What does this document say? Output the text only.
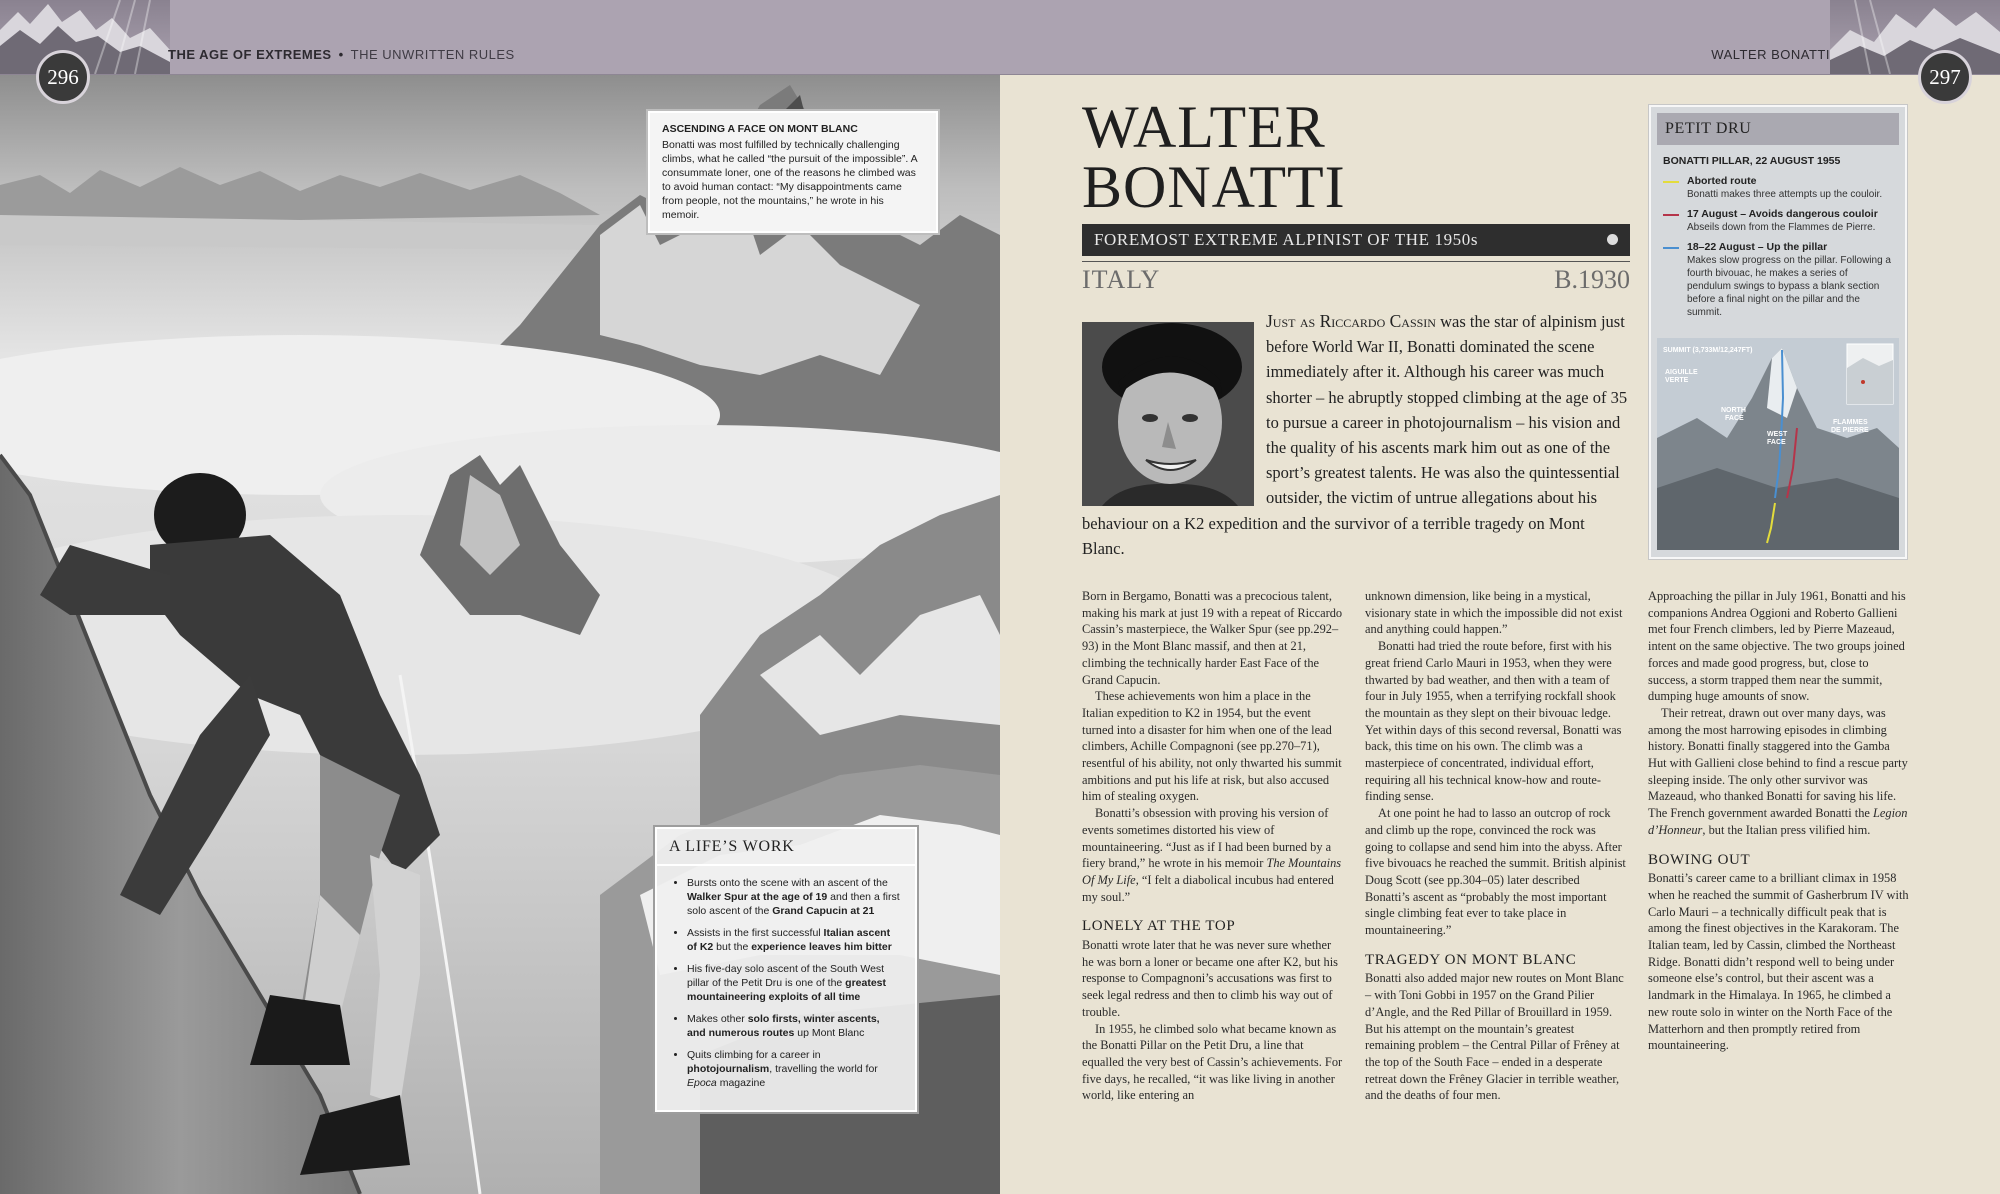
THE AGE OF EXTREMES • THE UNWRITTEN RULES	WALTER BONATTI
296	297
ASCENDING A FACE ON MONT BLANC
Bonatti was most fulfilled by technically challenging climbs, what he called “the pursuit of the impossible”. A consummate loner, one of the reasons he climbed was to avoid human contact: “My disappointments came from people, not the mountains,” he wrote in his memoir.
A LIFE’S WORK
• Bursts onto the scene with an ascent of the Walker Spur at the age of 19 and then a first solo ascent of the Grand Capucin at 21
• Assists in the first successful Italian ascent of K2 but the experience leaves him bitter
• His five-day solo ascent of the South West pillar of the Petit Dru is one of the greatest mountaineering exploits of all time
• Makes other solo firsts, winter ascents, and numerous routes up Mont Blanc
• Quits climbing for a career in photojournalism, travelling the world for Epoca magazine
WALTER
BONATTI
FOREMOST EXTREME ALPINIST OF THE 1950s
ITALY	B.1930
Just as Riccardo Cassin was the star of alpinism just before World War II, Bonatti dominated the scene immediately after it. Although his career was much shorter – he abruptly stopped climbing at the age of 35 to pursue a career in photojournalism – his vision and the quality of his ascents mark him out as one of the sport’s greatest talents. He was also the quintessential outsider, the victim of untrue allegations about his behaviour on a K2 expedition and the survivor of a terrible tragedy on Mont Blanc.

Born in Bergamo, Bonatti was a precocious talent, making his mark at just 19 with a repeat of Riccardo Cassin’s masterpiece, the Walker Spur (see pp.292–93) in the Mont Blanc massif, and then at 21, climbing the technically harder East Face of the Grand Capucin.

These achievements won him a place in the Italian expedition to K2 in 1954, but the event turned into a disaster for him when one of the lead climbers, Achille Compagnoni (see pp.270–71), resentful of his ability, not only thwarted his summit ambitions and put his life at risk, but also accused him of stealing oxygen.

Bonatti’s obsession with proving his version of events sometimes distorted his view of mountaineering. “Just as if I had been burned by a fiery brand,” he wrote in his memoir The Mountains Of My Life, “I felt a diabolical incubus had entered my soul.”

LONELY AT THE TOP

Bonatti wrote later that he was never sure whether he was born a loner or became one after K2, but his response to Compagnoni’s accusations was first to seek legal redress and then to climb his way out of trouble.

In 1955, he climbed solo what became known as the Bonatti Pillar on the Petit Dru, a line that equalled the very best of Cassin’s achievements. For five days, he recalled, “it was like living in another world, like entering an

unknown dimension, like being in a mystical, visionary state in which the impossible did not exist and anything could happen.”

Bonatti had tried the route before, first with his great friend Carlo Mauri in 1953, when they were thwarted by bad weather, and then with a team of four in July 1955, when a terrifying rockfall shook the mountain as they slept on their bivouac ledge. Yet within days of this second reversal, Bonatti was back, this time on his own. The climb was a masterpiece of concentrated, individual effort, requiring all his technical know-how and route-finding sense.

At one point he had to lasso an outcrop of rock and climb up the rope, convinced the rock was going to collapse and send him into the abyss. After five bivouacs he reached the summit. British alpinist Doug Scott (see pp.304–05) later described Bonatti’s ascent as “probably the most important single climbing feat ever to take place in mountaineering.”

TRAGEDY ON MONT BLANC

Bonatti also added major new routes on Mont Blanc – with Toni Gobbi in 1957 on the Grand Pilier d’Angle, and the Red Pillar of Brouillard in 1959. But his attempt on the mountain’s greatest remaining problem – the Central Pillar of Frêney at the top of the South Face – ended in a desperate retreat down the Frêney Glacier in terrible weather, and the deaths of four men.

Approaching the pillar in July 1961, Bonatti and his companions Andrea Oggioni and Roberto Gallieni met four French climbers, led by Pierre Mazeaud, intent on the same objective. The two groups joined forces and made good progress, but, close to success, a storm trapped them near the summit, dumping huge amounts of snow.

Their retreat, drawn out over many days, was among the most harrowing episodes in climbing history. Bonatti finally staggered into the Gamba Hut with Gallieni close behind to find a rescue party sleeping inside. The only other survivor was Mazeaud, who thanked Bonatti for saving his life. The French government awarded Bonatti the Legion d’Honneur, but the Italian press vilified him.

BOWING OUT

Bonatti’s career came to a brilliant climax in 1958 when he reached the summit of Gasherbrum IV with Carlo Mauri – a technically difficult peak that is among the finest objectives in the Karakoram. The Italian team, led by Cassin, climbed the Northeast Ridge. Bonatti didn’t respond well to being under someone else’s control, but their ascent was a landmark in the Himalaya. In 1965, he climbed a new route solo in winter on the North Face of the Matterhorn and then promptly retired from mountaineering.

PETIT DRU
BONATTI PILLAR, 22 AUGUST 1955
Aborted route
Bonatti makes three attempts up the couloir.
17 August – Avoids dangerous couloir
Abseils down from the Flammes de Pierre.
18–22 August – Up the pillar
Makes slow progress on the pillar. Following a fourth bivouac, he makes a series of pendulum swings to bypass a blank section before a final night on the pillar and the summit.
SUMMIT (3,733M/12,247FT)
AIGUILLE
VERTE
NORTH
FACE
WEST
FACE
FLAMMES
DE PIERRE
